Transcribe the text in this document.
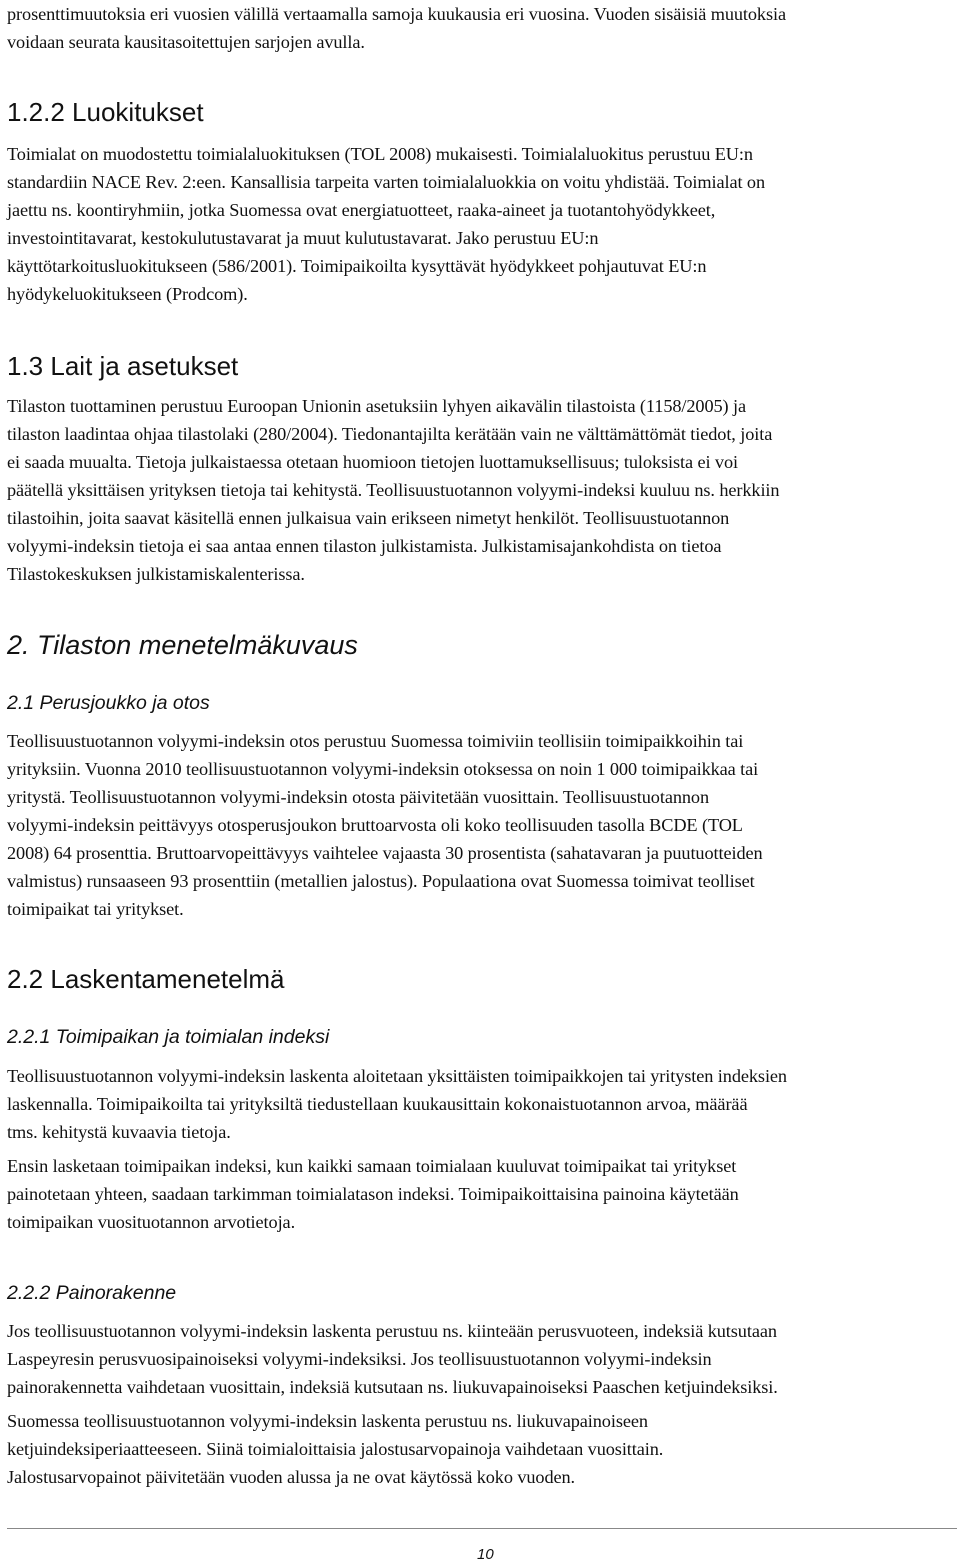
prosenttimuutoksia eri vuosien välillä vertaamalla samoja kuukausia eri vuosina. Vuoden sisäisiä muutoksia
voidaan seurata kausitasoitettujen sarjojen avulla.

1.2.2 Luokitukset

Toimialat on muodostettu toimialaluokituksen (TOL 2008) mukaisesti. Toimialaluokitus perustuu EU:n
standardiin NACE Rev. 2:een. Kansallisia tarpeita varten toimialaluokkia on voitu yhdistää. Toimialat on
jaettu ns. koontiryhmiin, jotka Suomessa ovat energiatuotteet, raaka-aineet ja tuotantohyödykkeet,
investointitavarat, kestokulutustavarat ja muut kulutustavarat. Jako perustuu EU:n
käyttötarkoitusluokitukseen (586/2001). Toimipaikoilta kysyttävät hyödykkeet pohjautuvat EU:n
hyödykeluokitukseen (Prodcom).

1.3 Lait ja asetukset

Tilaston tuottaminen perustuu Euroopan Unionin asetuksiin lyhyen aikavälin tilastoista (1158/2005) ja
tilaston laadintaa ohjaa tilastolaki (280/2004). Tiedonantajilta kerätään vain ne välttämättömät tiedot, joita
ei saada muualta. Tietoja julkaistaessa otetaan huomioon tietojen luottamuksellisuus; tuloksista ei voi
päätellä yksittäisen yrityksen tietoja tai kehitystä. Teollisuustuotannon volyymi-indeksi kuuluu ns. herkkiin
tilastoihin, joita saavat käsitellä ennen julkaisua vain erikseen nimetyt henkilöt. Teollisuustuotannon
volyymi-indeksin tietoja ei saa antaa ennen tilaston julkistamista. Julkistamisajankohdista on tietoa
Tilastokeskuksen julkistamiskalenterissa.

2. Tilaston menetelmäkuvaus
2.1 Perusjoukko ja otos

Teollisuustuotannon volyymi-indeksin otos perustuu Suomessa toimiviin teollisiin toimipaikkoihin tai
yrityksiin. Vuonna 2010 teollisuustuotannon volyymi-indeksin otoksessa on noin 1 000 toimipaikkaa tai
yritystä. Teollisuustuotannon volyymi-indeksin otosta päivitetään vuosittain. Teollisuustuotannon
volyymi-indeksin peittävyys otosperusjoukon bruttoarvosta oli koko teollisuuden tasolla BCDE (TOL
2008) 64 prosenttia. Bruttoarvopeittävyys vaihtelee vajaasta 30 prosentista (sahatavaran ja puutuotteiden
valmistus) runsaaseen 93 prosenttiin (metallien jalostus). Populaationa ovat Suomessa toimivat teolliset
toimipaikat tai yritykset.

2.2 Laskentamenetelmä
2.2.1 Toimipaikan ja toimialan indeksi

Teollisuustuotannon volyymi-indeksin laskenta aloitetaan yksittäisten toimipaikkojen tai yritysten indeksien
laskennalla. Toimipaikoilta tai yrityksiltä tiedustellaan kuukausittain kokonaistuotannon arvoa, määrää
tms. kehitystä kuvaavia tietoja.

Ensin lasketaan toimipaikan indeksi, kun kaikki samaan toimialaan kuuluvat toimipaikat tai yritykset
painotetaan yhteen, saadaan tarkimman toimialatason indeksi. Toimipaikoittaisina painoina käytetään
toimipaikan vuosituotannon arvotietoja.

2.2.2 Painorakenne

Jos teollisuustuotannon volyymi-indeksin laskenta perustuu ns. kiinteään perusvuoteen, indeksiä kutsutaan
Laspeyresin perusvuosipainoiseksi volyymi-indeksiksi. Jos teollisuustuotannon volyymi-indeksin
painorakennetta vaihdetaan vuosittain, indeksiä kutsutaan ns. liukuvapainoiseksi Paaschen ketjuindeksiksi.

Suomessa teollisuustuotannon volyymi-indeksin laskenta perustuu ns. liukuvapainoiseen
ketjuindeksiperiaatteeseen. Siinä toimialoittaisia jalostusarvopainoja vaihdetaan vuosittain.
Jalostusarvopainot päivitetään vuoden alussa ja ne ovat käytössä koko vuoden.

10
